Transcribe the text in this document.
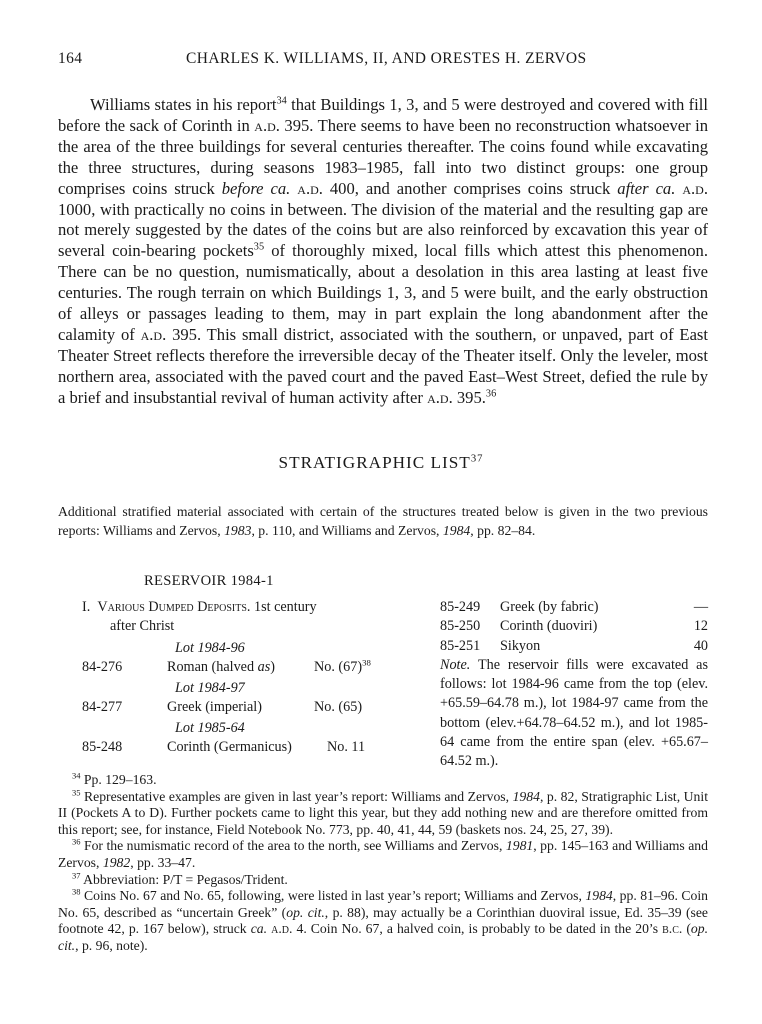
164	CHARLES K. WILLIAMS, II, AND ORESTES H. ZERVOS

Williams states in his report$^{34}$ that Buildings 1, 3, and 5 were destroyed and covered with fill before the sack of Corinth in a.d. 395. There seems to have been no reconstruction whatsoever in the area of the three buildings for several centuries thereafter. The coins found while excavating the three structures, during seasons 1983–1985, fall into two distinct groups: one group comprises coins struck before ca. a.d. 400, and another comprises coins struck after ca. a.d. 1000, with practically no coins in between. The division of the material and the resulting gap are not merely suggested by the dates of the coins but are also reinforced by excavation this year of several coin-bearing pockets$^{35}$ of thoroughly mixed, local fills which attest this phenomenon. There can be no question, numismatically, about a desolation in this area lasting at least five centuries. The rough terrain on which Buildings 1, 3, and 5 were built, and the early obstruction of alleys or passages leading to them, may in part explain the long abandonment after the calamity of a.d. 395. This small district, associated with the southern, or unpaved, part of East Theater Street reflects therefore the irreversible decay of the Theater itself. Only the leveler, most northern area, associated with the paved court and the paved East–West Street, defied the rule by a brief and insubstantial revival of human activity after a.d. 395.36

STRATIGRAPHIC LIST$^{37}$

Additional stratified material associated with certain of the structures treated below is given in the two previous reports: Williams and Zervos, 1983, p. 110, and Williams and Zervos, 1984, pp. 82–84.

RESERVOIR 1984-1
I. Various Dumped Deposits. 1st century
after Christ
Lot 1984-96
84-276	Roman (halved as)	No. $(67)^{38}$
Lot 1984-97
84-277	Greek (imperial)	No. (65)
Lot 1985-64
85-248	Corinth (Germanicus) No. 11
85-249 Greek (by fabric)	—
85-250 Corinth (duoviri)	12
85-251 Sikyon	40

Note. The reservoir fills were excavated as follows: lot 1984-96 came from the top (elev. +65.59–64.78 m.), lot 1984-97 came from the bottom (elev.+64.78–64.52 m.), and lot 1985-64 came from the entire span (elev. +65.67–64.52 m.).

$^{34}$ Pp. 129–163.

$^{35}$ Representative examples are given in last year’s report: Williams and Zervos, 1984, p. 82, Stratigraphic List, Unit II (Pockets A to D). Further pockets came to light this year, but they add nothing new and are therefore omitted from this report; see, for instance, Field Notebook No. 773, pp. 40, 41, 44, 59 (baskets nos. 24, 25, 27, 39).

$^{36}$ For the numismatic record of the area to the north, see Williams and Zervos, 1981, pp. 145–163 and Williams and Zervos, 1982, pp. 33–47.

$^{37}$ Abbreviation: P/T = Pegasos/Trident.

$^{38}$ Coins No. 67 and No. 65, following, were listed in last year’s report; Williams and Zervos, 1984, pp. 81–96. Coin No. 65, described as “uncertain Greek” (op. cit., p. 88), may actually be a Corinthian duoviral issue, Ed. 35–39 (see footnote 42, p. 167 below), struck ca. a.d. 4. Coin No. 67, a halved coin, is probably to be dated in the 20’s b.c. (op. cit., p. 96, note).
